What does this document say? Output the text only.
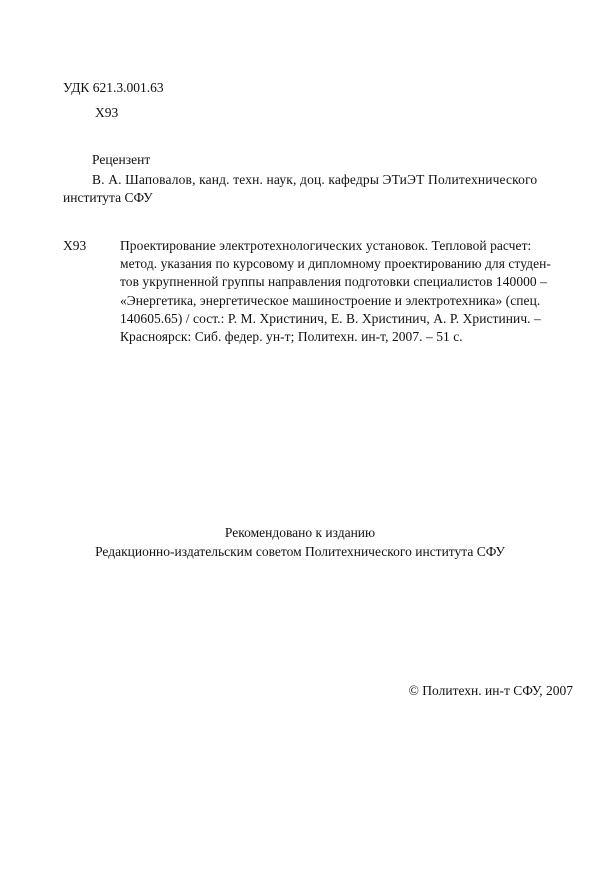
УДК 621.3.001.63
Х93
Рецензент
В. А. Шаповалов, канд. техн. наук, доц. кафедры ЭТиЭТ Политехнического
института СФУ
Х93	Проектирование электротехнологических установок. Тепловой расчет:
метод. указания по курсовому и дипломному проектированию для студен-
тов укрупненной группы направления подготовки специалистов 140000 –
«Энергетика, энергетическое машиностроение и электротехника» (спец.
140605.65) / сост.: Р. М. Христинич, Е. В. Христинич, А. Р. Христинич. –
Красноярск: Сиб. федер. ун-т; Политехн. ин-т, 2007. – 51 с.
Рекомендовано к изданию
Редакционно-издательским советом Политехнического института СФУ
© Политехн. ин-т СФУ, 2007
